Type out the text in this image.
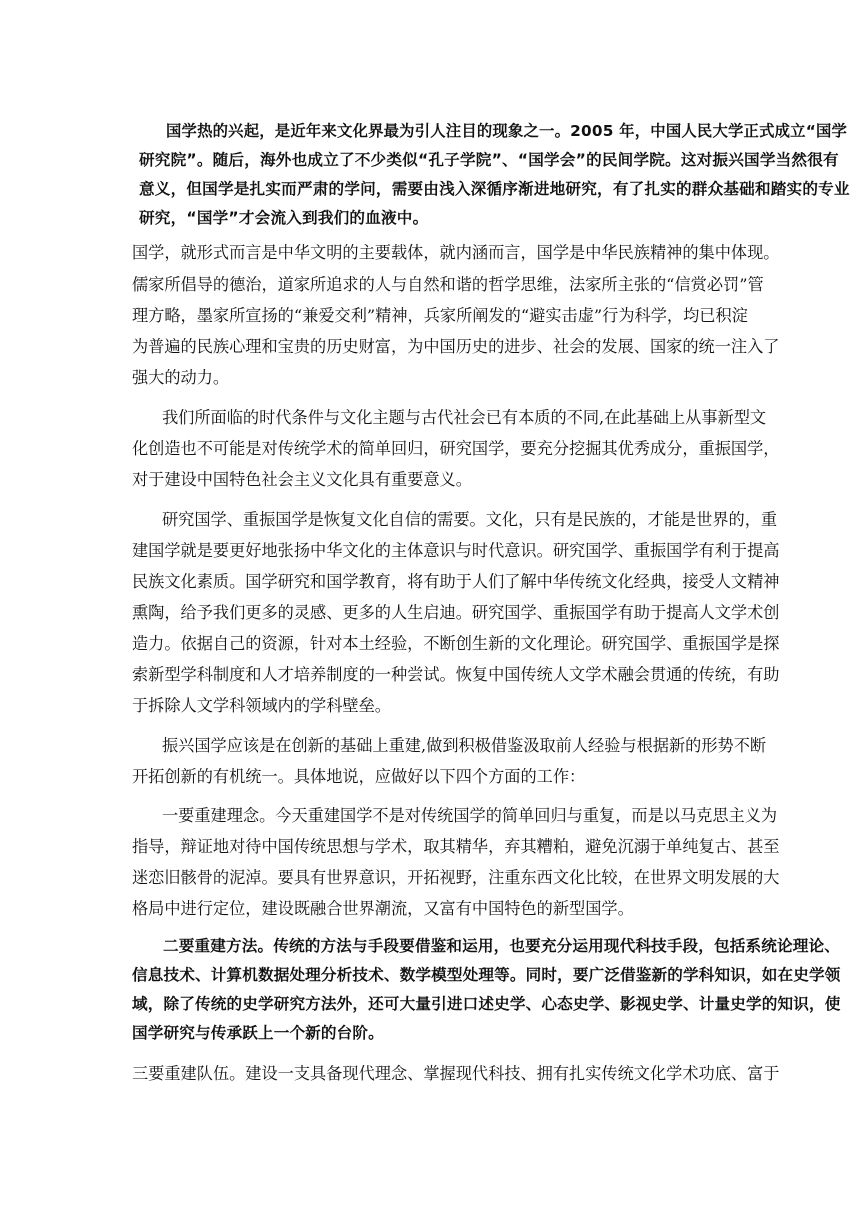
国学热的兴起，是近年来文化界最为引人注目的现象之一。2005 年，中国人民大学正式成立“国学
研究院”。随后，海外也成立了不少类似“孔子学院”、“国学会”的民间学院。这对振兴国学当然很有
意义，但国学是扎实而严肃的学问，需要由浅入深循序渐进地研究，有了扎实的群众基础和踏实的专业
研究，“国学”才会流入到我们的血液中。
国学，就形式而言是中华文明的主要载体，就内涵而言，国学是中华民族精神的集中体现。
儒家所倡导的德治，道家所追求的人与自然和谐的哲学思维，法家所主张的“信赏必罚”管
理方略，墨家所宣扬的“兼爱交利”精神，兵家所阐发的“避实击虚”行为科学，均已积淀
为普遍的民族心理和宝贵的历史财富，为中国历史的进步、社会的发展、国家的统一注入了
强大的动力。
我们所面临的时代条件与文化主题与古代社会已有本质的不同,在此基础上从事新型文
化创造也不可能是对传统学术的简单回归，研究国学，要充分挖掘其优秀成分，重振国学，
对于建设中国特色社会主义文化具有重要意义。
研究国学、重振国学是恢复文化自信的需要。文化，只有是民族的，才能是世界的，重
建国学就是要更好地张扬中华文化的主体意识与时代意识。研究国学、重振国学有利于提高
民族文化素质。国学研究和国学教育，将有助于人们了解中华传统文化经典，接受人文精神
熏陶，给予我们更多的灵感、更多的人生启迪。研究国学、重振国学有助于提高人文学术创
造力。依据自己的资源，针对本土经验，不断创生新的文化理论。研究国学、重振国学是探
索新型学科制度和人才培养制度的一种尝试。恢复中国传统人文学术融会贯通的传统，有助
于拆除人文学科领域内的学科壁垒。
振兴国学应该是在创新的基础上重建,做到积极借鉴汲取前人经验与根据新的形势不断
开拓创新的有机统一。具体地说，应做好以下四个方面的工作：
一要重建理念。今天重建国学不是对传统国学的简单回归与重复，而是以马克思主义为
指导，辩证地对待中国传统思想与学术，取其精华，弃其糟粕，避免沉溺于单纯复古、甚至
迷恋旧骸骨的泥淖。要具有世界意识，开拓视野，注重东西文化比较，在世界文明发展的大
格局中进行定位，建设既融合世界潮流，又富有中国特色的新型国学。
二要重建方法。传统的方法与手段要借鉴和运用，也要充分运用现代科技手段，包括系统论理论、
信息技术、计算机数据处理分析技术、数学模型处理等。同时，要广泛借鉴新的学科知识，如在史学领
域，除了传统的史学研究方法外，还可大量引进口述史学、心态史学、影视史学、计量史学的知识，使
国学研究与传承跃上一个新的台阶。
三要重建队伍。建设一支具备现代理念、掌握现代科技、拥有扎实传统文化学术功底、富于
